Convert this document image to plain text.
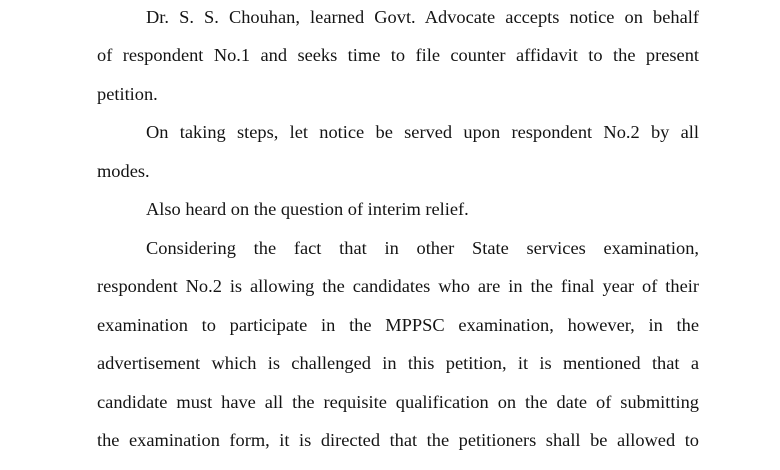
Dr. S. S. Chouhan, learned Govt. Advocate accepts notice on behalf
of respondent No.1 and seeks time to file counter affidavit to the present
petition.
On taking steps, let notice be served upon respondent No.2 by all
modes.
Also heard on the question of interim relief.
Considering the fact that in other State services examination,
respondent No.2 is allowing the candidates who are in the final year of their
examination to participate in the MPPSC examination, however, in the
advertisement which is challenged in this petition, it is mentioned that a
candidate must have all the requisite qualification on the date of submitting
the examination form, it is directed that the petitioners shall be allowed to
